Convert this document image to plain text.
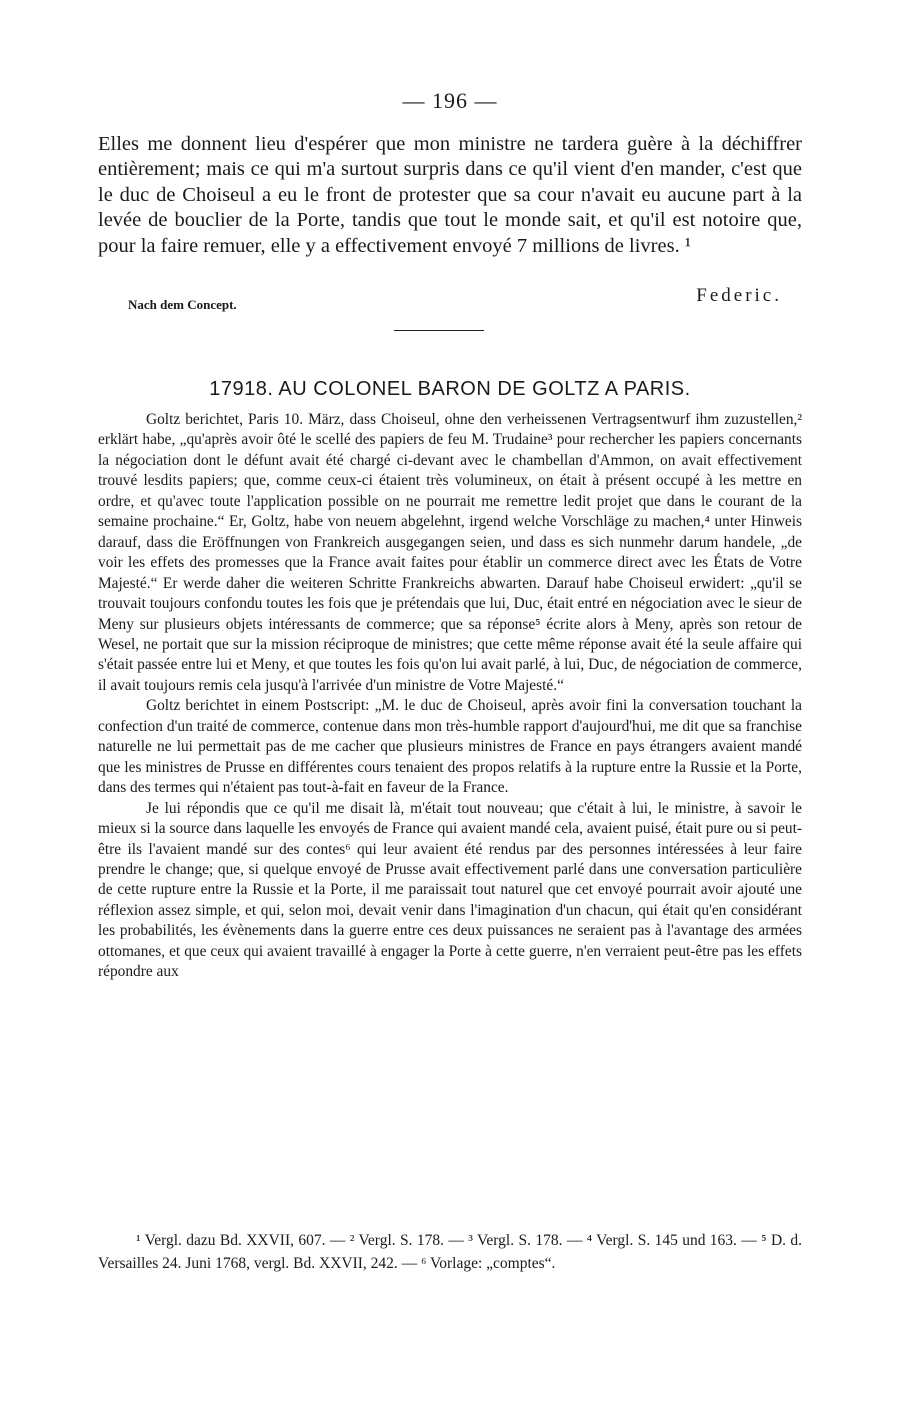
— 196 —

Elles me donnent lieu d'espérer que mon ministre ne tardera guère à la déchiffrer entièrement; mais ce qui m'a surtout surpris dans ce qu'il vient d'en mander, c'est que le duc de Choiseul a eu le front de protester que sa cour n'avait eu aucune part à la levée de bouclier de la Porte, tandis que tout le monde sait, et qu'il est notoire que, pour la faire remuer, elle y a effectivement envoyé 7 millions de livres. ¹

Nach dem Concept.	Federic.
17918. AU COLONEL BARON DE GOLTZ A PARIS.

Goltz berichtet, Paris 10. März, dass Choiseul, ohne den verheissenen Vertragsentwurf ihm zuzustellen,² erklärt habe, „qu'après avoir ôté le scellé des papiers de feu M. Trudaine³ pour rechercher les papiers concernants la négociation dont le défunt avait été chargé ci-devant avec le chambellan d'Ammon, on avait effectivement trouvé lesdits papiers; que, comme ceux-ci étaient très volumineux, on était à présent occupé à les mettre en ordre, et qu'avec toute l'application possible on ne pourrait me remettre ledit projet que dans le courant de la semaine prochaine.“ Er, Goltz, habe von neuem abgelehnt, irgend welche Vorschläge zu machen,⁴ unter Hinweis darauf, dass die Eröffnungen von Frankreich ausgegangen seien, und dass es sich nunmehr darum handele, „de voir les effets des promesses que la France avait faites pour établir un commerce direct avec les États de Votre Majesté.“ Er werde daher die weiteren Schritte Frankreichs abwarten. Darauf habe Choiseul erwidert: „qu'il se trouvait toujours confondu toutes les fois que je prétendais que lui, Duc, était entré en négociation avec le sieur de Meny sur plusieurs objets intéressants de commerce; que sa réponse⁵ écrite alors à Meny, après son retour de Wesel, ne portait que sur la mission réciproque de ministres; que cette même réponse avait été la seule affaire qui s'était passée entre lui et Meny, et que toutes les fois qu'on lui avait parlé, à lui, Duc, de négociation de commerce, il avait toujours remis cela jusqu'à l'arrivée d'un ministre de Votre Majesté.“

Goltz berichtet in einem Postscript: „M. le duc de Choiseul, après avoir fini la conversation touchant la confection d'un traité de commerce, contenue dans mon très-humble rapport d'aujourd'hui, me dit que sa franchise naturelle ne lui permettait pas de me cacher que plusieurs ministres de France en pays étrangers avaient mandé que les ministres de Prusse en différentes cours tenaient des propos relatifs à la rupture entre la Russie et la Porte, dans des termes qui n'étaient pas tout-à-fait en faveur de la France.

Je lui répondis que ce qu'il me disait là, m'était tout nouveau; que c'était à lui, le ministre, à savoir le mieux si la source dans laquelle les envoyés de France qui avaient mandé cela, avaient puisé, était pure ou si peut-être ils l'avaient mandé sur des contes⁶ qui leur avaient été rendus par des personnes intéressées à leur faire prendre le change; que, si quelque envoyé de Prusse avait effectivement parlé dans une conversation particulière de cette rupture entre la Russie et la Porte, il me paraissait tout naturel que cet envoyé pourrait avoir ajouté une réflexion assez simple, et qui, selon moi, devait venir dans l'imagination d'un chacun, qui était qu'en considérant les probabilités, les évènements dans la guerre entre ces deux puissances ne seraient pas à l'avantage des armées ottomanes, et que ceux qui avaient travaillé à engager la Porte à cette guerre, n'en verraient peut-être pas les effets répondre aux

¹ Vergl. dazu Bd. XXVII, 607. — ² Vergl. S. 178. — ³ Vergl. S. 178. — ⁴ Vergl. S. 145 und 163. — ⁵ D. d. Versailles 24. Juni 1768, vergl. Bd. XXVII, 242. — ⁶ Vorlage: „comptes“.
